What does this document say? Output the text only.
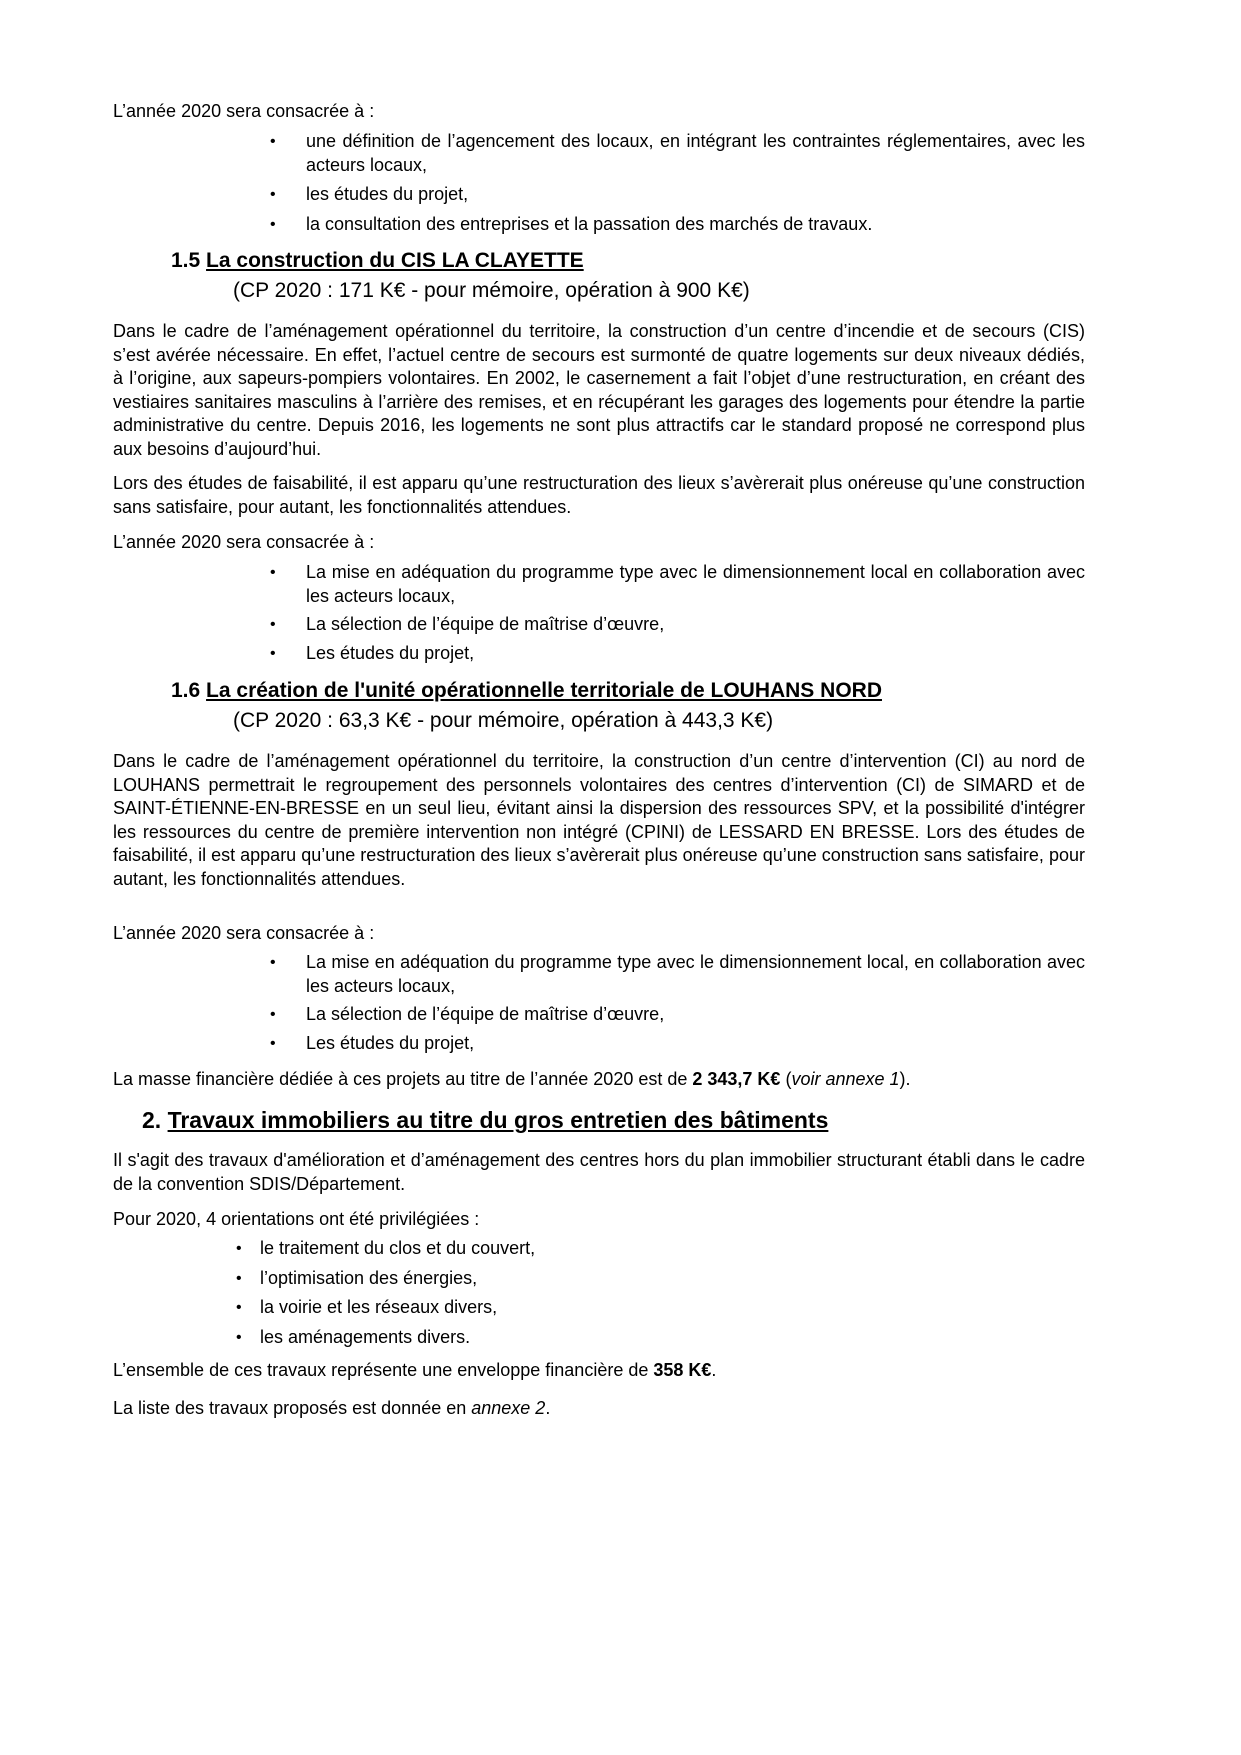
L’année 2020 sera consacrée à :

• une définition de l’agencement des locaux, en intégrant les contraintes réglementaires, avec les acteurs locaux,
• les études du projet,
• la consultation des entreprises et la passation des marchés de travaux.

1.5 La construction du CIS LA CLAYETTE

(CP 2020 : 171 K€ - pour mémoire, opération à 900 K€)

Dans le cadre de l’aménagement opérationnel du territoire, la construction d’un centre d’incendie et de secours (CIS) s’est avérée nécessaire. En effet, l’actuel centre de secours est surmonté de quatre logements sur deux niveaux dédiés, à l’origine, aux sapeurs-pompiers volontaires. En 2002, le casernement a fait l’objet d’une restructuration, en créant des vestiaires sanitaires masculins à l’arrière des remises, et en récupérant les garages des logements pour étendre la partie administrative du centre. Depuis 2016, les logements ne sont plus attractifs car le standard proposé ne correspond plus aux besoins d’aujourd’hui.

Lors des études de faisabilité, il est apparu qu’une restructuration des lieux s’avèrerait plus onéreuse qu’une construction sans satisfaire, pour autant, les fonctionnalités attendues.

L’année 2020 sera consacrée à :

• La mise en adéquation du programme type avec le dimensionnement local en collaboration avec les acteurs locaux,
• La sélection de l’équipe de maîtrise d’œuvre,
• Les études du projet,

1.6 La création de l'unité opérationnelle territoriale de LOUHANS NORD

(CP 2020 : 63,3 K€ - pour mémoire, opération à 443,3 K€)

Dans le cadre de l’aménagement opérationnel du territoire, la construction d’un centre d’intervention (CI) au nord de LOUHANS permettrait le regroupement des personnels volontaires des centres d’intervention (CI) de SIMARD et de SAINT-ÉTIENNE-EN-BRESSE en un seul lieu, évitant ainsi la dispersion des ressources SPV, et la possibilité d'intégrer les ressources du centre de première intervention non intégré (CPINI) de LESSARD EN BRESSE. Lors des études de faisabilité, il est apparu qu’une restructuration des lieux s’avèrerait plus onéreuse qu’une construction sans satisfaire, pour autant, les fonctionnalités attendues.

L’année 2020 sera consacrée à :

• La mise en adéquation du programme type avec le dimensionnement local, en collaboration avec les acteurs locaux,
• La sélection de l’équipe de maîtrise d’œuvre,
• Les études du projet,

La masse financière dédiée à ces projets au titre de l’année 2020 est de 2 343,7 K€ (voir annexe 1).

2. Travaux immobiliers au titre du gros entretien des bâtiments

Il s'agit des travaux d'amélioration et d’aménagement des centres hors du plan immobilier structurant établi dans le cadre de la convention SDIS/Département.

Pour 2020, 4 orientations ont été privilégiées :

• le traitement du clos et du couvert,
• l’optimisation des énergies,
• la voirie et les réseaux divers,
• les aménagements divers.

L’ensemble de ces travaux représente une enveloppe financière de 358 K€.

La liste des travaux proposés est donnée en annexe 2.
